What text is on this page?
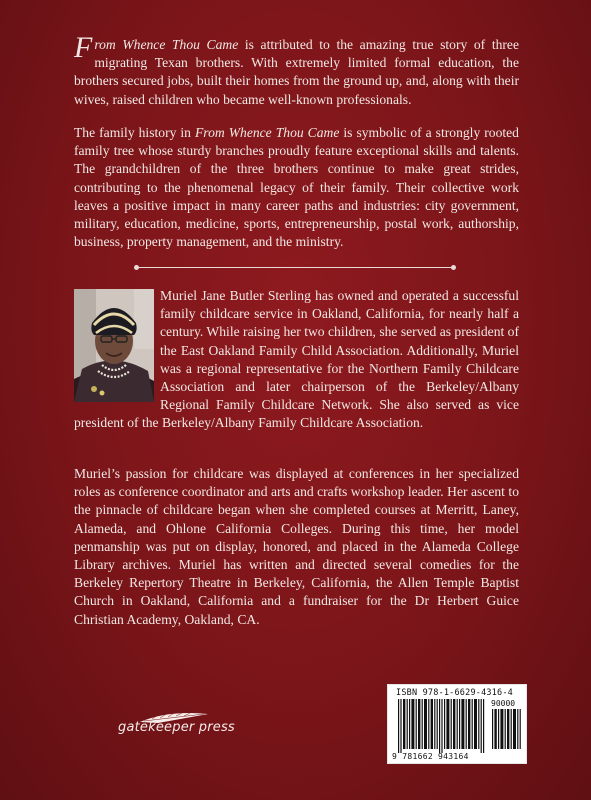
From Whence Thou Came is attributed to the amazing true story of three migrating Texan brothers. With extremely limited formal education, the brothers secured jobs, built their homes from the ground up, and, along with their wives, raised children who became well-known professionals.

The family history in From Whence Thou Came is symbolic of a strongly rooted family tree whose sturdy branches proudly feature exceptional skills and talents. The grandchildren of the three brothers continue to make great strides, contributing to the phenomenal legacy of their family. Their collective work leaves a positive impact in many career paths and industries: city government, military, education, medicine, sports, entrepreneurship, postal work, authorship, business, property management, and the ministry.

Muriel Jane Butler Sterling has owned and operated a successful family childcare service in Oakland, California, for nearly half a century. While raising her two children, she served as president of the East Oakland Family Child Association. Additionally, Muriel was a regional representative for the Northern Family Childcare Association and later chairperson of the Berkeley/Albany Regional Family Childcare Network. She also served as vice president of the Berkeley/Albany Family Childcare Association.

Muriel’s passion for childcare was displayed at conferences in her specialized roles as conference coordinator and arts and crafts workshop leader. Her ascent to the pinnacle of childcare began when she completed courses at Merritt, Laney, Alameda, and Ohlone California Colleges. During this time, her model penmanship was put on display, honored, and placed in the Alameda College Library archives. Muriel has written and directed several comedies for the Berkeley Repertory Theatre in Berkeley, California, the Allen Temple Baptist Church in Oakland, California and a fundraiser for the Dr Herbert Guice Christian Academy, Oakland, CA.

gatekeeper press
ISBN 978-1-6629-4316-4
90000
9 781662 943164
